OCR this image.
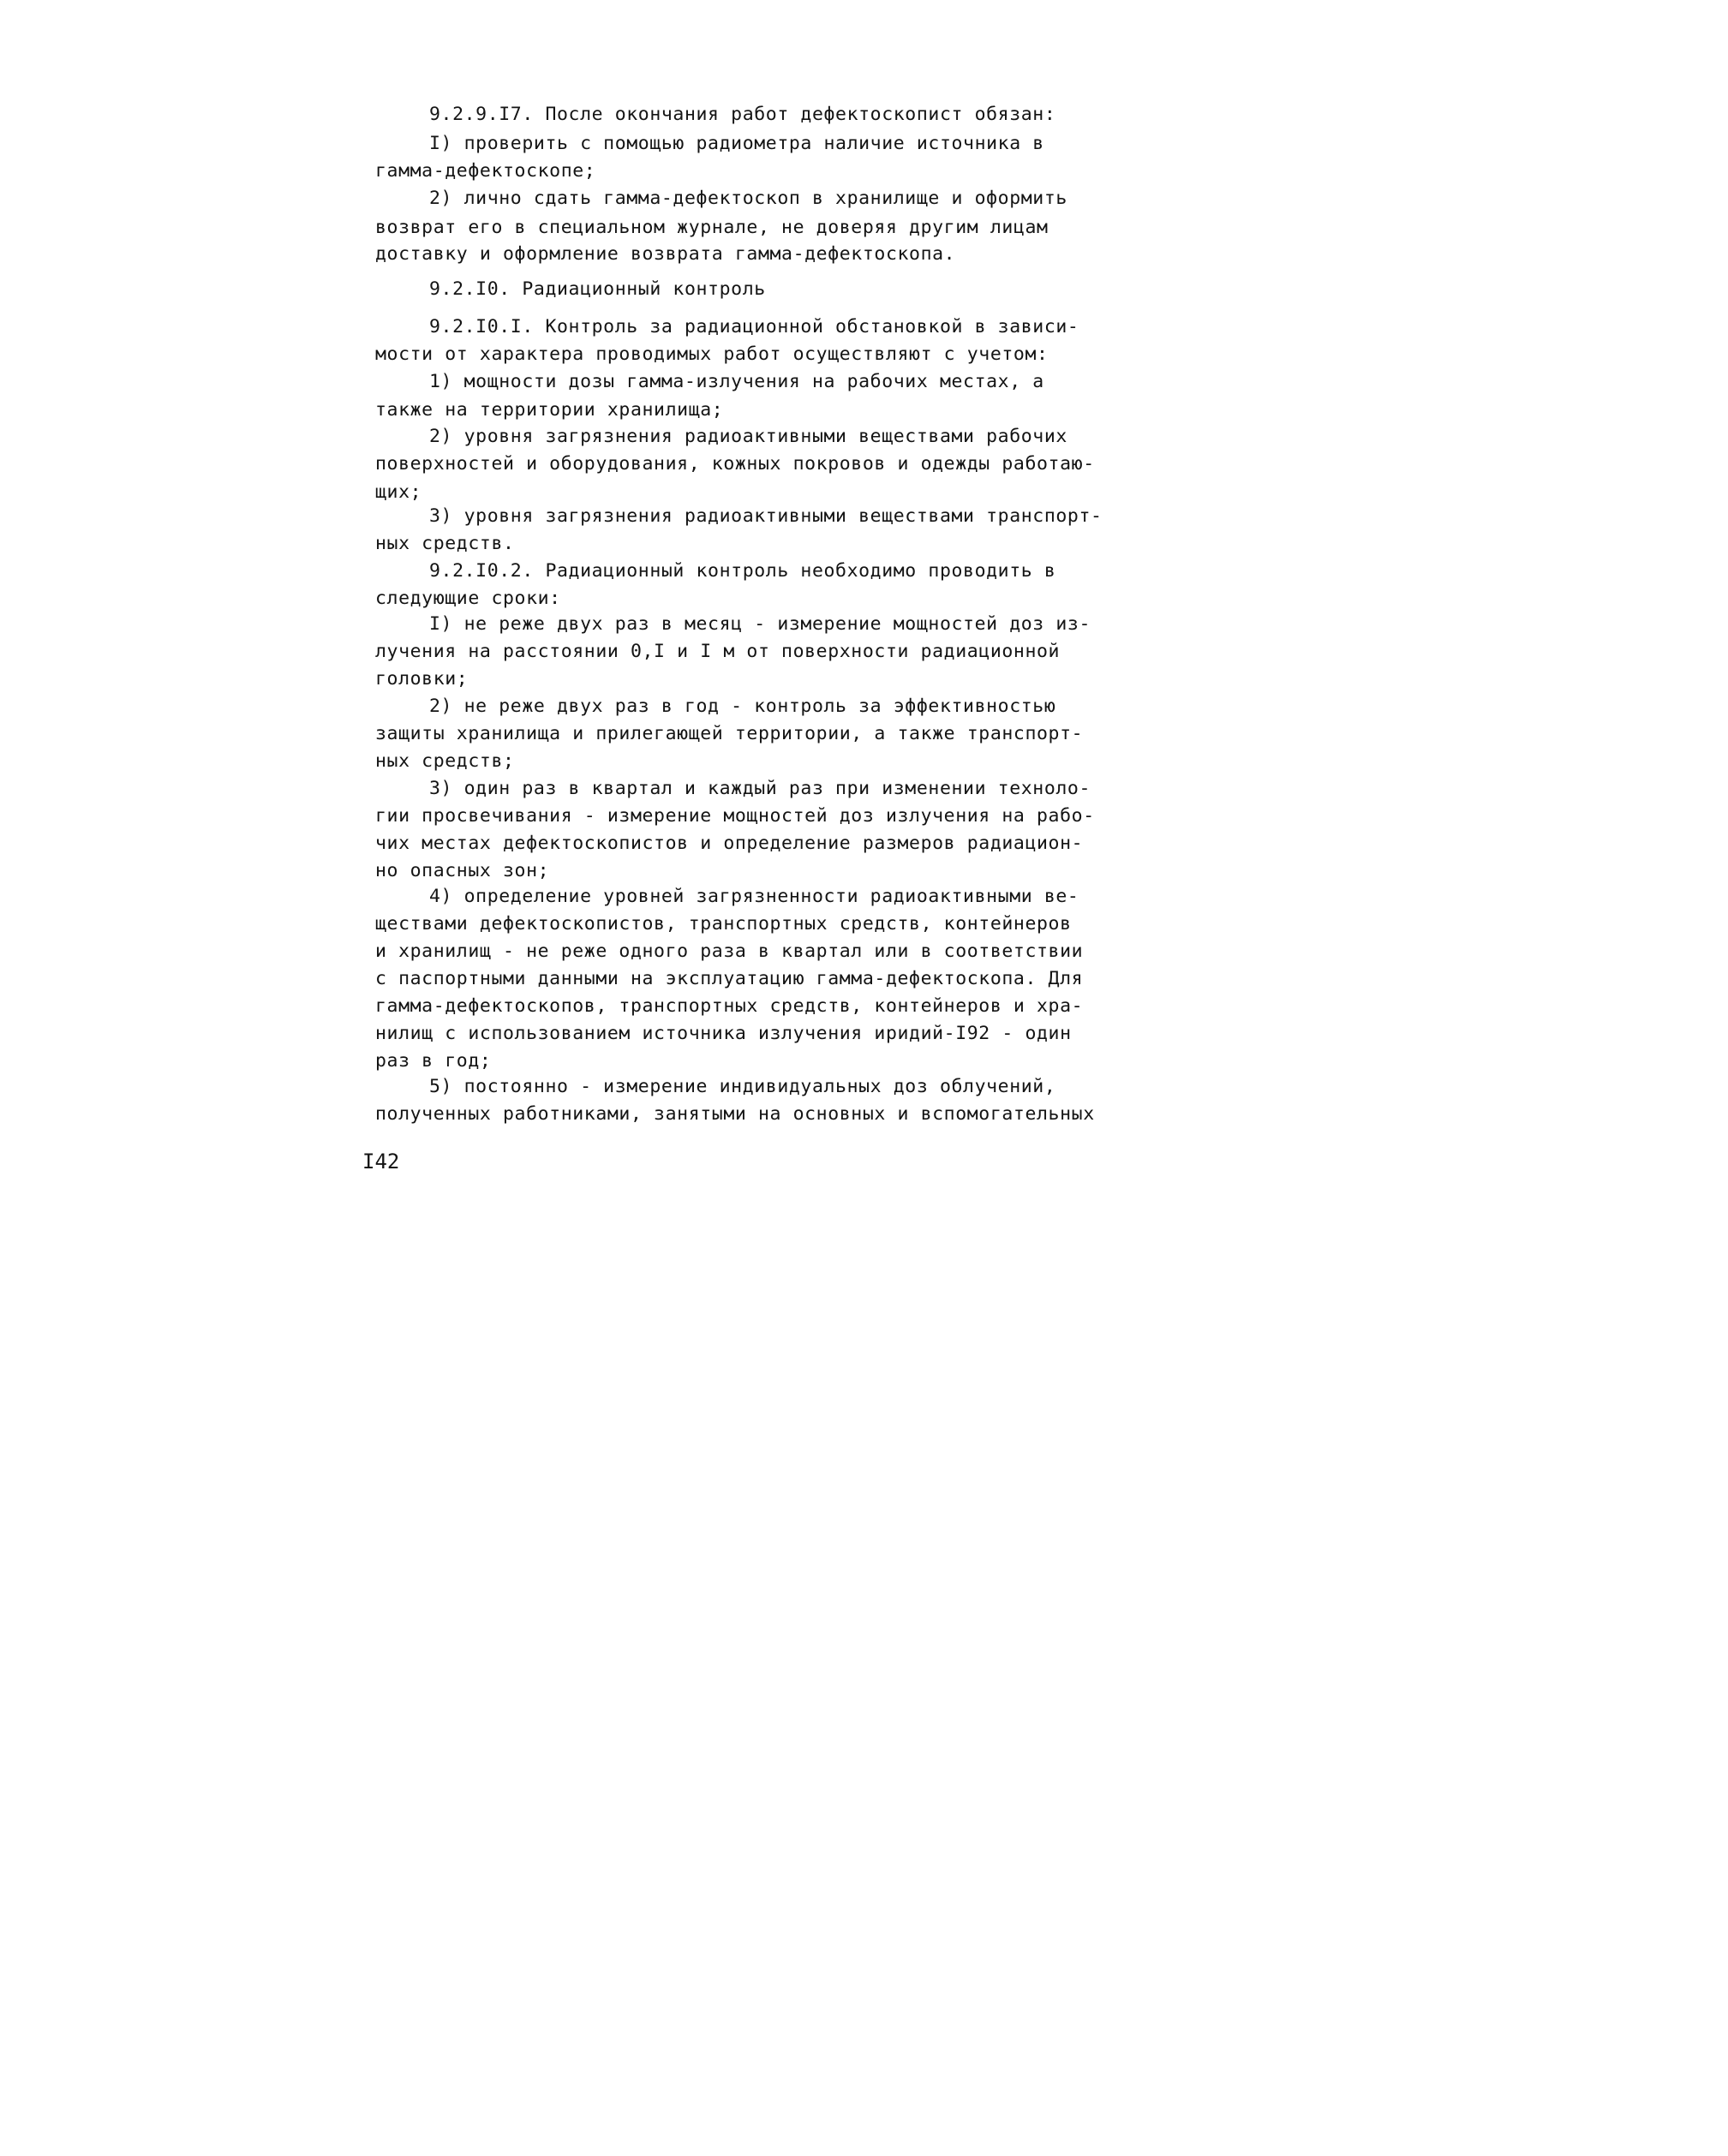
9.2.9.I7. После окончания работ дефектоскопист обязан:
I) проверить с помощью радиометра наличие источника в
гамма-дефектоскопе;
2) лично сдать гамма-дефектоскоп в хранилище и оформить
возврат его в специальном журнале, не доверяя другим лицам
доставку и оформление возврата гамма-дефектоскопа.
9.2.I0. Радиационный контроль
9.2.I0.I. Контроль за радиационной обстановкой в зависи-
мости от характера проводимых работ осуществляют с учетом:
1) мощности дозы гамма-излучения на рабочих местах, а
также на территории хранилища;
2) уровня загрязнения радиоактивными веществами рабочих
поверхностей и оборудования, кожных покровов и одежды работаю-
щих;
3) уровня загрязнения радиоактивными веществами транспорт-
ных средств.
9.2.I0.2. Радиационный контроль необходимо проводить в
следующие сроки:
I) не реже двух раз в месяц - измерение мощностей доз из-
лучения на расстоянии 0,I и I м от поверхности радиационной
головки;
2) не реже двух раз в год - контроль за эффективностью
защиты хранилища и прилегающей территории, а также транспорт-
ных средств;
3) один раз в квартал и каждый раз при изменении техноло-
гии просвечивания - измерение мощностей доз излучения на рабо-
чих местах дефектоскопистов и определение размеров радиацион-
но опасных зон;
4) определение уровней загрязненности радиоактивными ве-
ществами дефектоскопистов, транспортных средств, контейнеров
и хранилищ - не реже одного раза в квартал или в соответствии
с паспортными данными на эксплуатацию гамма-дефектоскопа. Для
гамма-дефектоскопов, транспортных средств, контейнеров и хра-
нилищ с использованием источника излучения иридий-I92 - один
раз в год;
5) постоянно - измерение индивидуальных доз облучений,
полученных работниками, занятыми на основных и вспомогательных
I42
